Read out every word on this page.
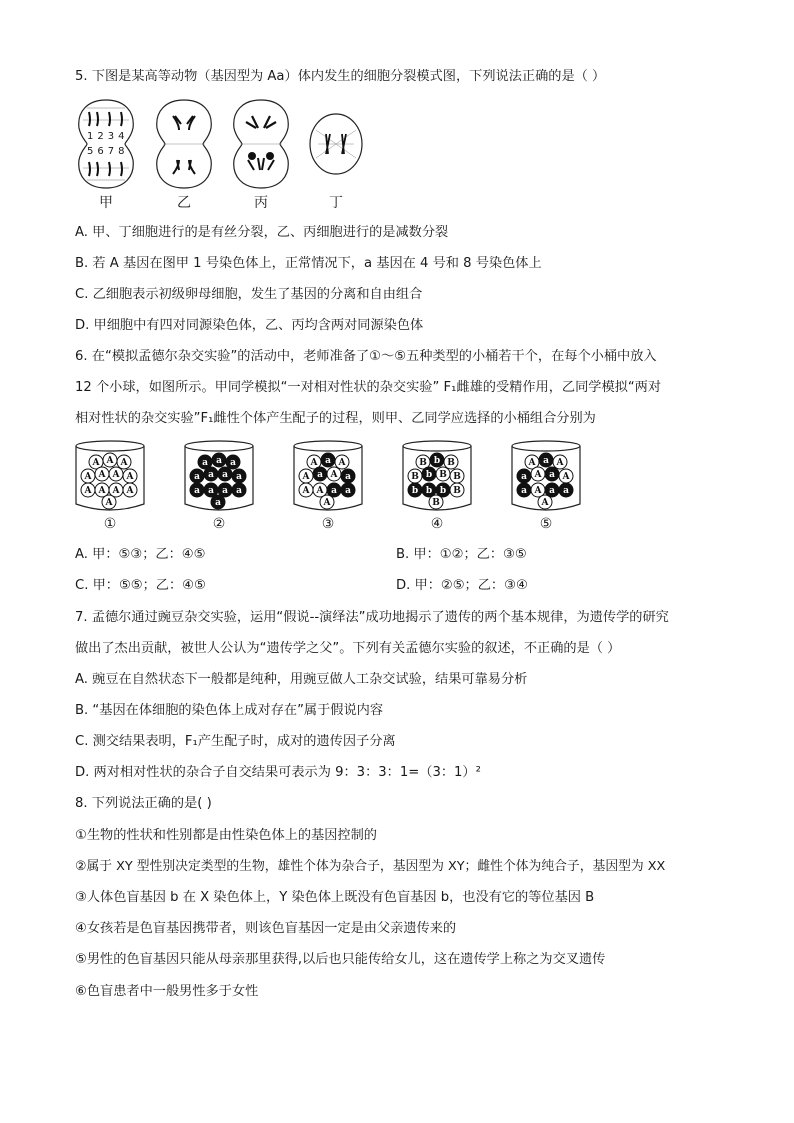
5. 下图是某高等动物（基因型为 Aa）体内发生的细胞分裂模式图，下列说法正确的是（ ）
1234
5678
甲	乙	丙	丁
A. 甲、丁细胞进行的是有丝分裂，乙、丙细胞进行的是减数分裂
B. 若 A 基因在图甲 1 号染色体上，正常情况下，a 基因在 4 号和 8 号染色体上
C. 乙细胞表示初级卵母细胞，发生了基因的分离和自由组合
D. 甲细胞中有四对同源染色体，乙、丙均含两对同源染色体
6. 在“模拟孟德尔杂交实验”的活动中，老师准备了①～⑤五种类型的小桶若干个，在每个小桶中放入
12 个小球，如图所示。甲同学模拟“一对相对性状的杂交实验” F₁雌雄的受精作用，乙同学模拟“两对
相对性状的杂交实验”F₁雌性个体产生配子的过程，则甲、乙同学应选择的小桶组合分别为
A A A
A A A A
A A A A
A
①
a a a
a a a a
a a a a
a
②
A a A
A a A a
A A a a
A
③
B b B
B b B B
b b b B
B
④
A a A
a A a A
a A a a
A
⑤
A. 甲：⑤③；乙：④⑤	B. 甲：①②；乙：③⑤
C. 甲：⑤⑤；乙：④⑤	D. 甲：②⑤；乙：③④
7. 孟德尔通过豌豆杂交实验，运用“假说--演绎法”成功地揭示了遗传的两个基本规律，为遗传学的研究
做出了杰出贡献，被世人公认为“遗传学之父”。下列有关孟德尔实验的叙述，不正确的是（ ）
A. 豌豆在自然状态下一般都是纯种，用豌豆做人工杂交试验，结果可靠易分析
B. “基因在体细胞的染色体上成对存在”属于假说内容
C. 测交结果表明，F₁产生配子时，成对的遗传因子分离
D. 两对相对性状的杂合子自交结果可表示为 9：3：3：1=（3：1）²
8. 下列说法正确的是( )
①生物的性状和性别都是由性染色体上的基因控制的
②属于 XY 型性别决定类型的生物，雄性个体为杂合子，基因型为 XY；雌性个体为纯合子，基因型为 XX
③人体色盲基因 b 在 X 染色体上，Y 染色体上既没有色盲基因 b，也没有它的等位基因 B
④女孩若是色盲基因携带者，则该色盲基因一定是由父亲遗传来的
⑤男性的色盲基因只能从母亲那里获得,以后也只能传给女儿，这在遗传学上称之为交叉遗传
⑥色盲患者中一般男性多于女性
